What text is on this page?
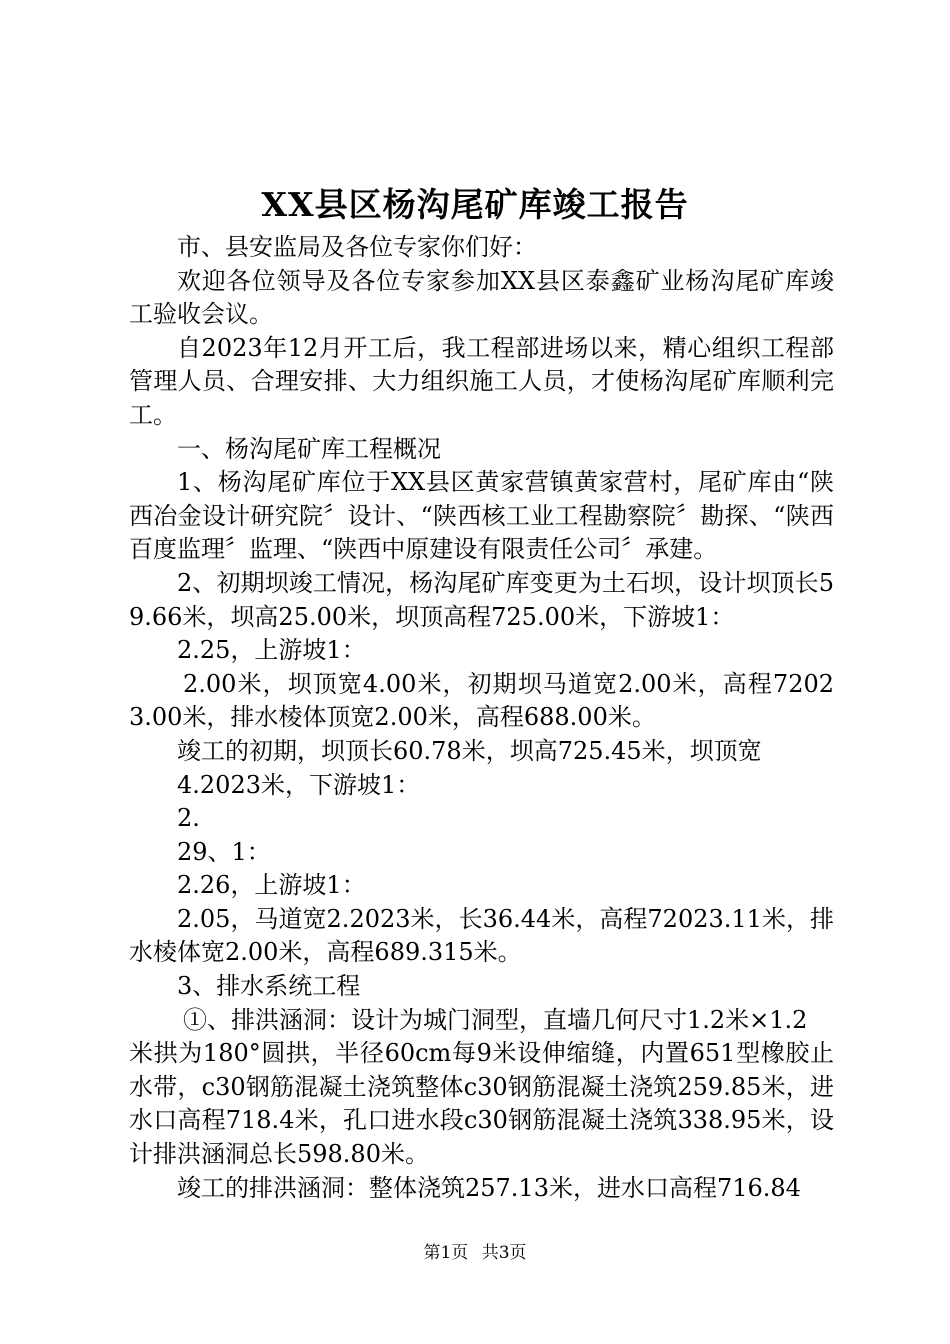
XX县区杨沟尾矿库竣工报告

市、县安监局及各位专家你们好：

欢迎各位领导及各位专家参加XX县区泰鑫矿业杨沟尾矿库竣工验收会议。

自2023年12月开工后，我工程部进场以来，精心组织工程部管理人员、合理安排、大力组织施工人员，才使杨沟尾矿库顺利完工。

一、杨沟尾矿库工程概况

1、杨沟尾矿库位于XX县区黄家营镇黄家营村，尾矿库由“陕西冶金设计研究院〞设计、“陕西核工业工程勘察院〞勘探、“陕西百度监理〞监理、“陕西中原建设有限责任公司〞承建。

2、初期坝竣工情况，杨沟尾矿库变更为土石坝，设计坝顶长59.66米，坝高25.00米，坝顶高程725.00米，下游坡1：

2.25，上游坡1：

2.00米，坝顶宽4.00米，初期坝马道宽2.00米，高程72023.00米，排水棱体顶宽2.00米，高程688.00米。

竣工的初期，坝顶长60.78米，坝高725.45米，坝顶宽

4.2023米，下游坡1：

2.

29、1：

2.26，上游坡1：

2.05，马道宽2.2023米，长36.44米，高程72023.11米，排水棱体宽2.00米，高程689.315米。

3、排水系统工程

①、排洪涵洞：设计为城门洞型，直墙几何尺寸1.2米×1.2

米拱为180°圆拱，半径60cm每9米设伸缩缝，内置651型橡胶止水带，c30钢筋混凝土浇筑整体c30钢筋混凝土浇筑259.85米，进水口高程718.4米，孔口进水段c30钢筋混凝土浇筑338.95米，设计排洪涵洞总长598.80米。

竣工的排洪涵洞：整体浇筑257.13米，进水口高程716.84

第1页 共3页
